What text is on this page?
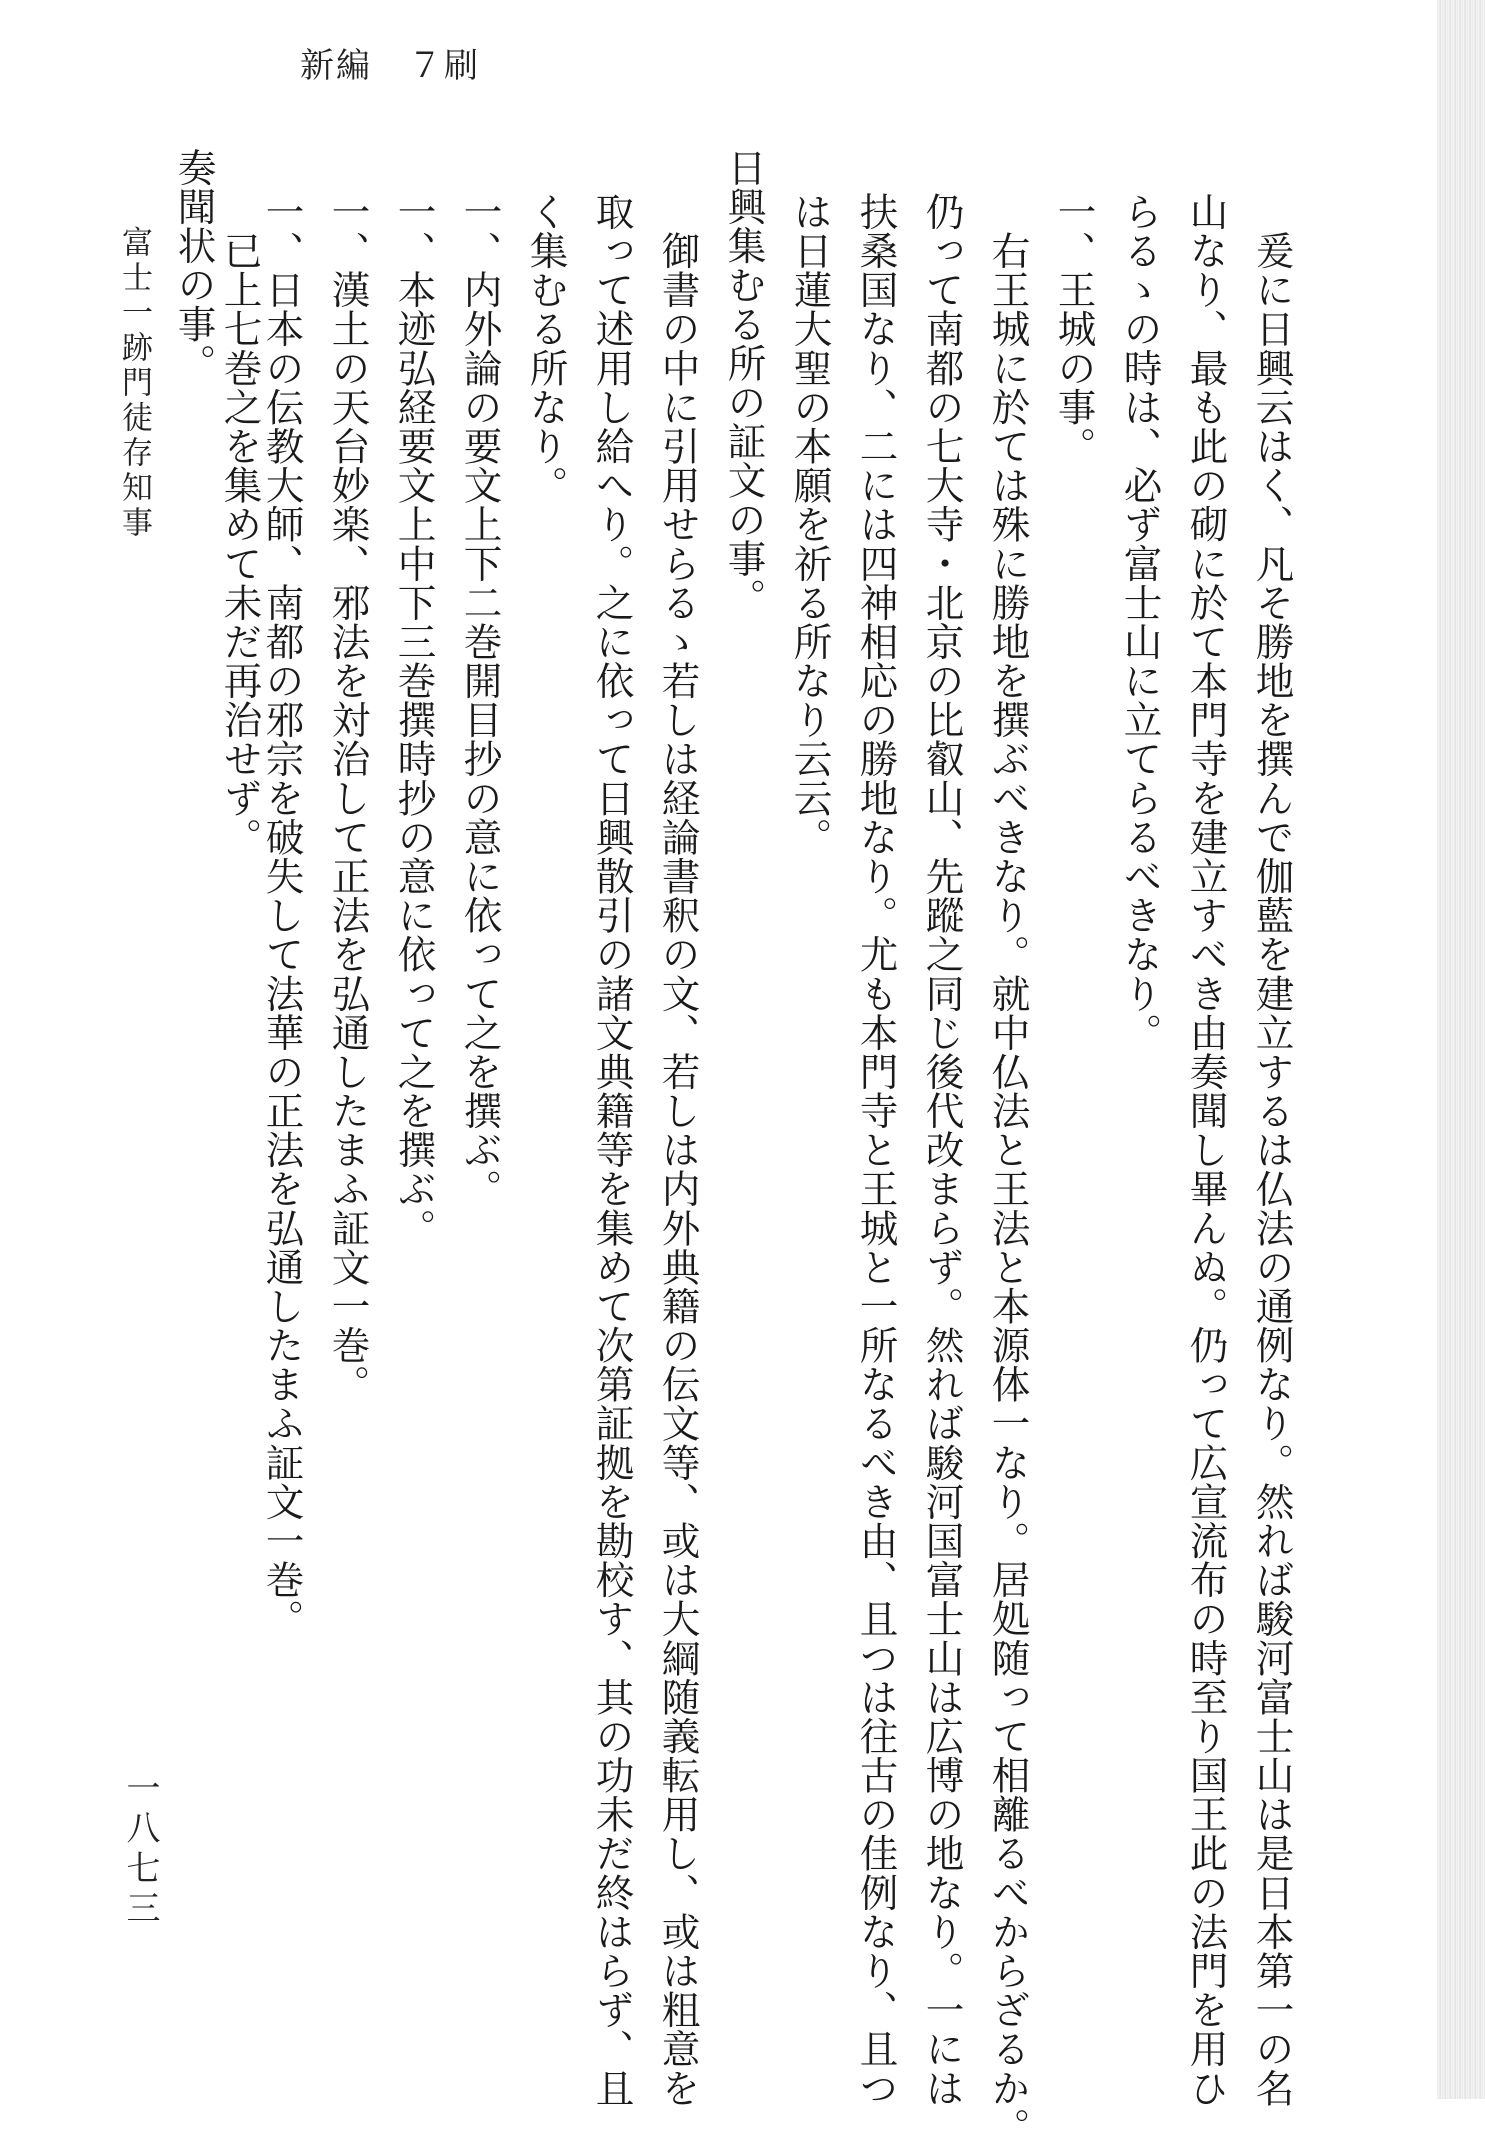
新編　７刷
　爰に日興云はく、凡そ勝地を撰んで伽藍を建立するは仏法の通例なり。然れば駿河富士山は是日本第一の名
山なり、最も此の砌に於て本門寺を建立すべき由奏聞し畢んぬ。仍って広宣流布の時至り国王此の法門を用ひ
らるゝの時は、必ず富士山に立てらるべきなり。
一、王城の事。
　右王城に於ては殊に勝地を撰ぶべきなり。就中仏法と王法と本源体一なり。居処随って相離るべからざるか。
仍って南都の七大寺・北京の比叡山、先蹤之同じ後代改まらず。然れば駿河国富士山は広博の地なり。一には
扶桑国なり、二には四神相応の勝地なり。尤も本門寺と王城と一所なるべき由、且つは往古の佳例なり、且つ
は日蓮大聖の本願を祈る所なり云云。
日興集むる所の証文の事。
　御書の中に引用せらるゝ若しは経論書釈の文、若しは内外典籍の伝文等、或は大綱随義転用し、或は粗意を
取って述用し給へり。之に依って日興散引の諸文典籍等を集めて次第証拠を勘校す、其の功未だ終はらず、且
く集むる所なり。
一、内外論の要文上下二巻開目抄の意に依って之を撰ぶ。
一、本迹弘経要文上中下三巻撰時抄の意に依って之を撰ぶ。
一、漢土の天台妙楽、邪法を対治して正法を弘通したまふ証文一巻。
一、日本の伝教大師、南都の邪宗を破失して法華の正法を弘通したまふ証文一巻。
　已上七巻之を集めて未だ再治せず。
奏聞状の事。
富士一跡門徒存知事
一八七三
